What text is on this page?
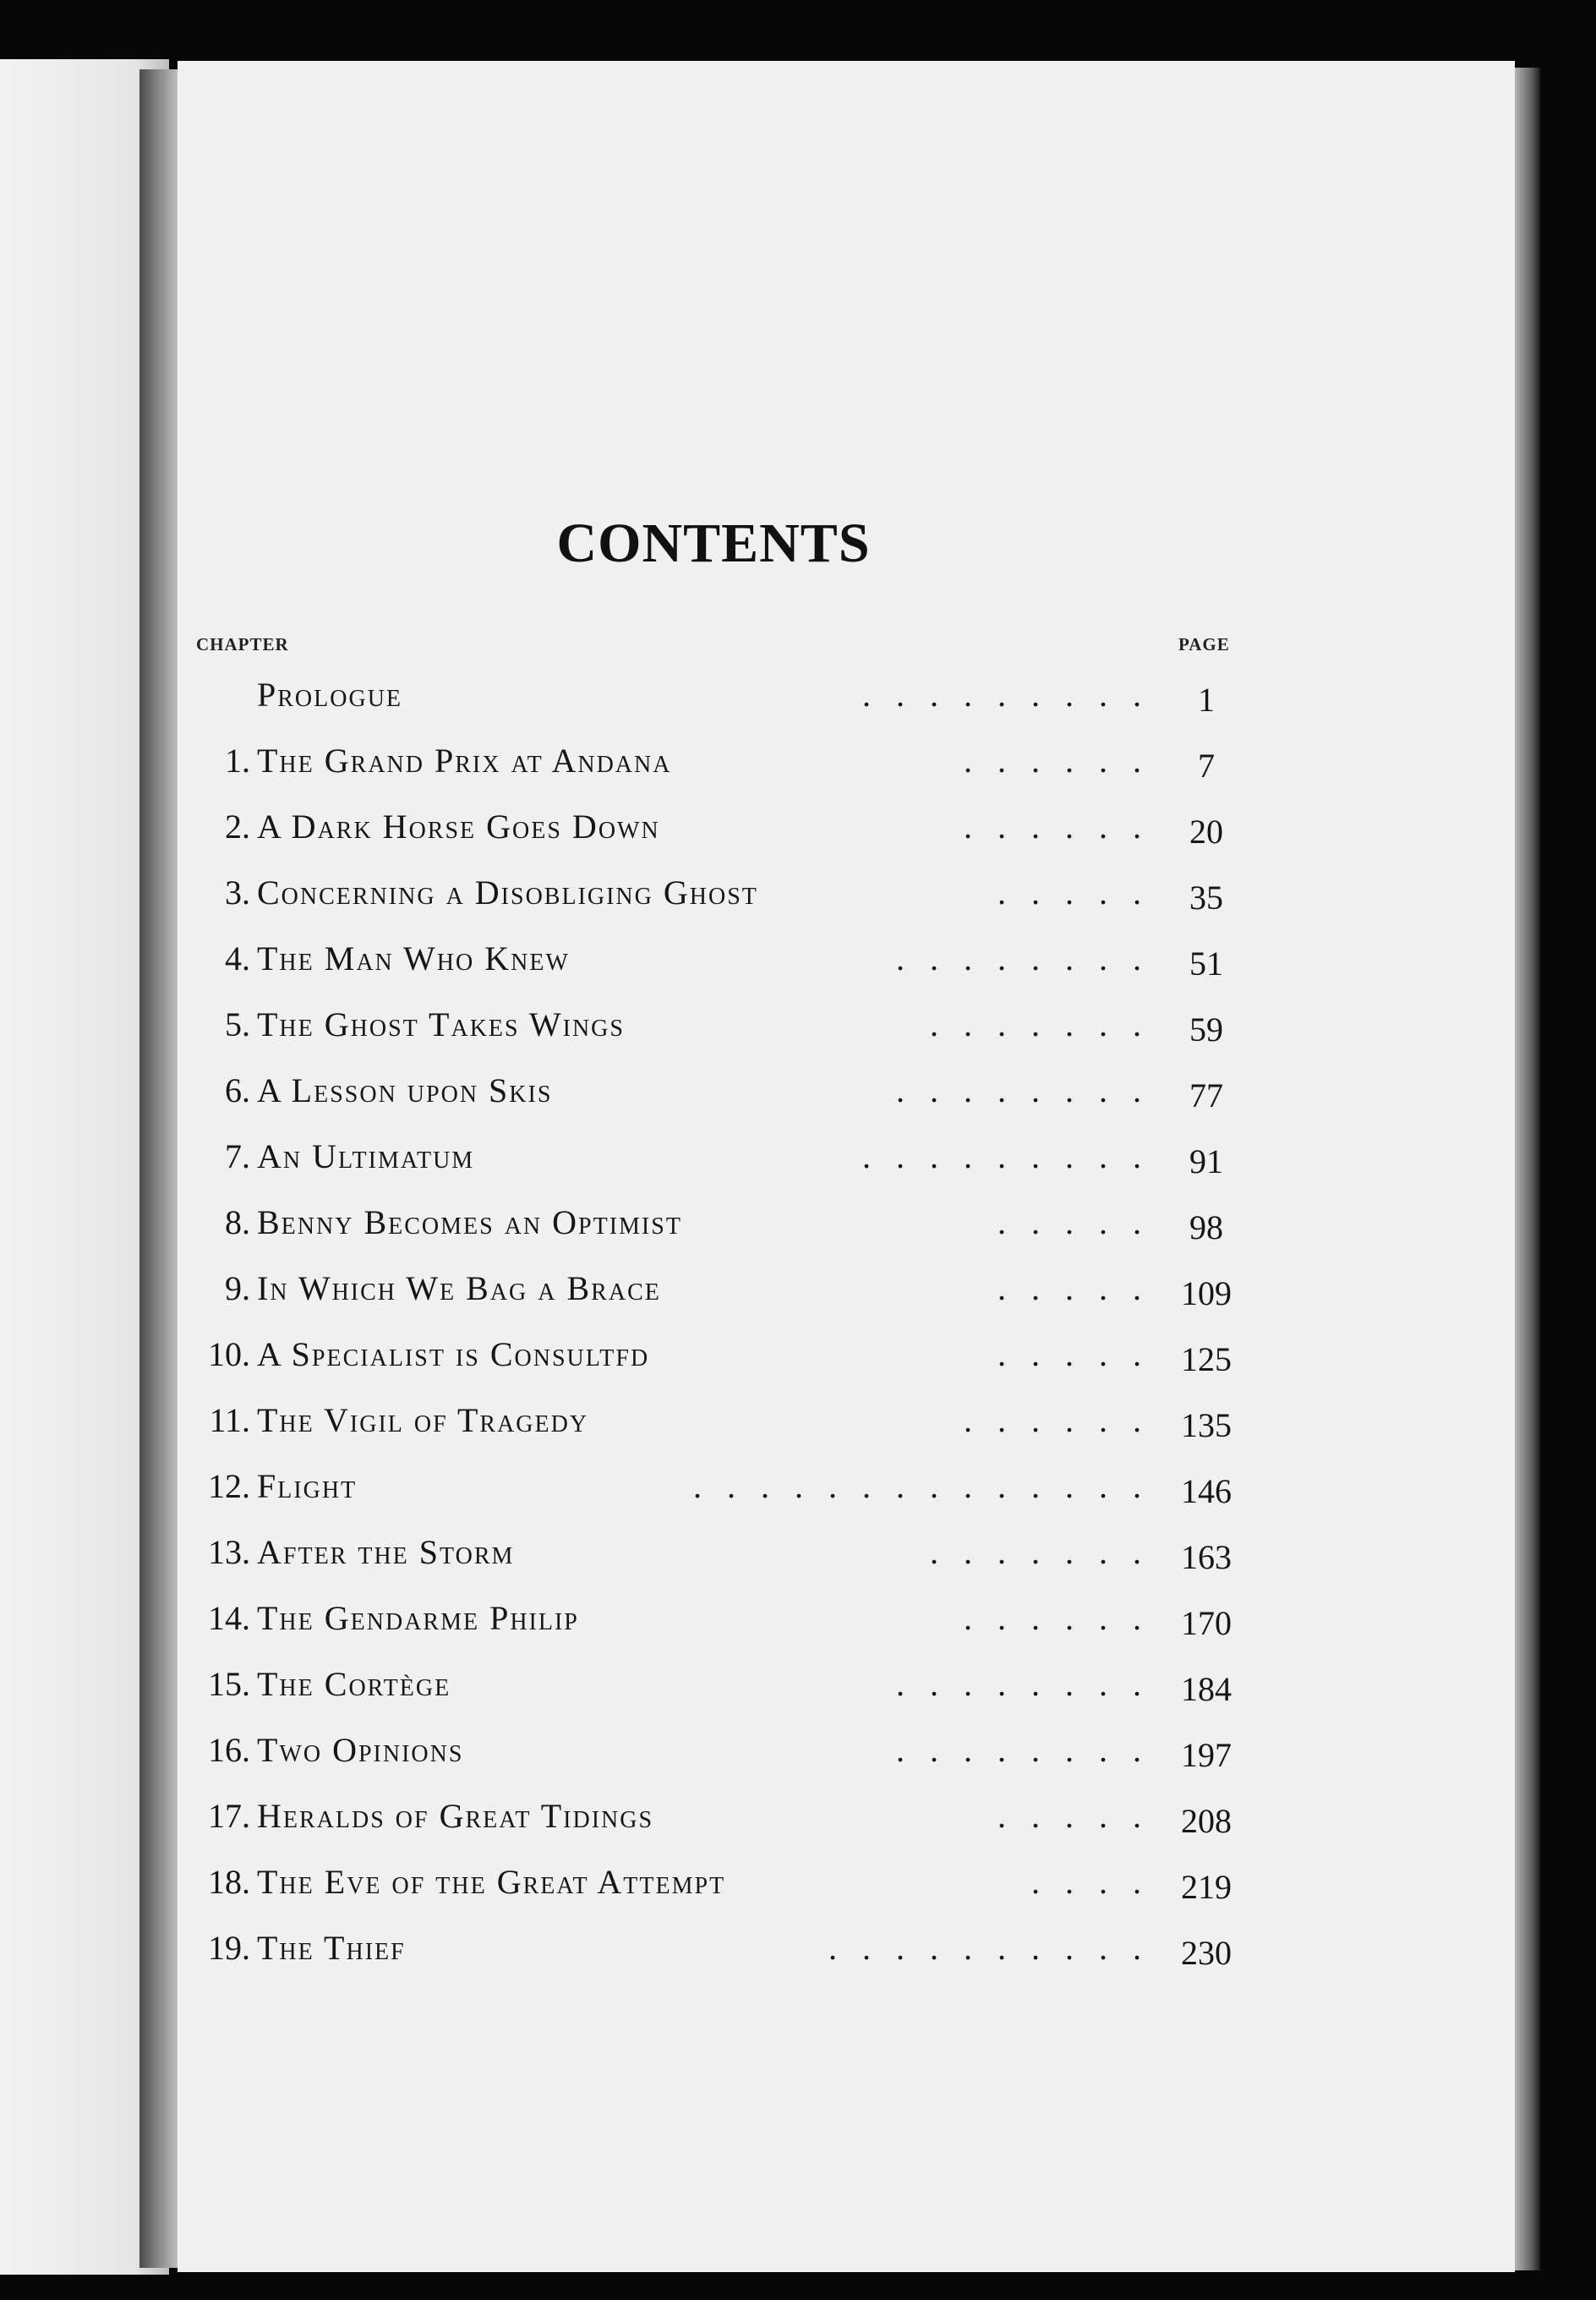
CONTENTS
CHAPTER	PAGE
Prologue	......... 1
1. The Grand Prix at Andana	...... 7
2. A Dark Horse Goes Down	...... 20
3. Concerning a Disobliging Ghost	..... 35
4. The Man Who Knew	........ 51
5. The Ghost Takes Wings	....... 59
6. A Lesson upon Skis	........ 77
7. An Ultimatum	......... 91
8. Benny Becomes an Optimist	..... 98
9. In Which We Bag a Brace	..... 109
10. A Specialist is Consultfd	..... 125
11. The Vigil of Tragedy	...... 135
12. Flight	.............. 146
13. After the Storm	....... 163
14. The Gendarme Philip	...... 170
15. The Cortège	........ 184
16. Two Opinions	........ 197
17. Heralds of Great Tidings	..... 208
18. The Eve of the Great Attempt	.... 219
19. The Thief	.......... 230
